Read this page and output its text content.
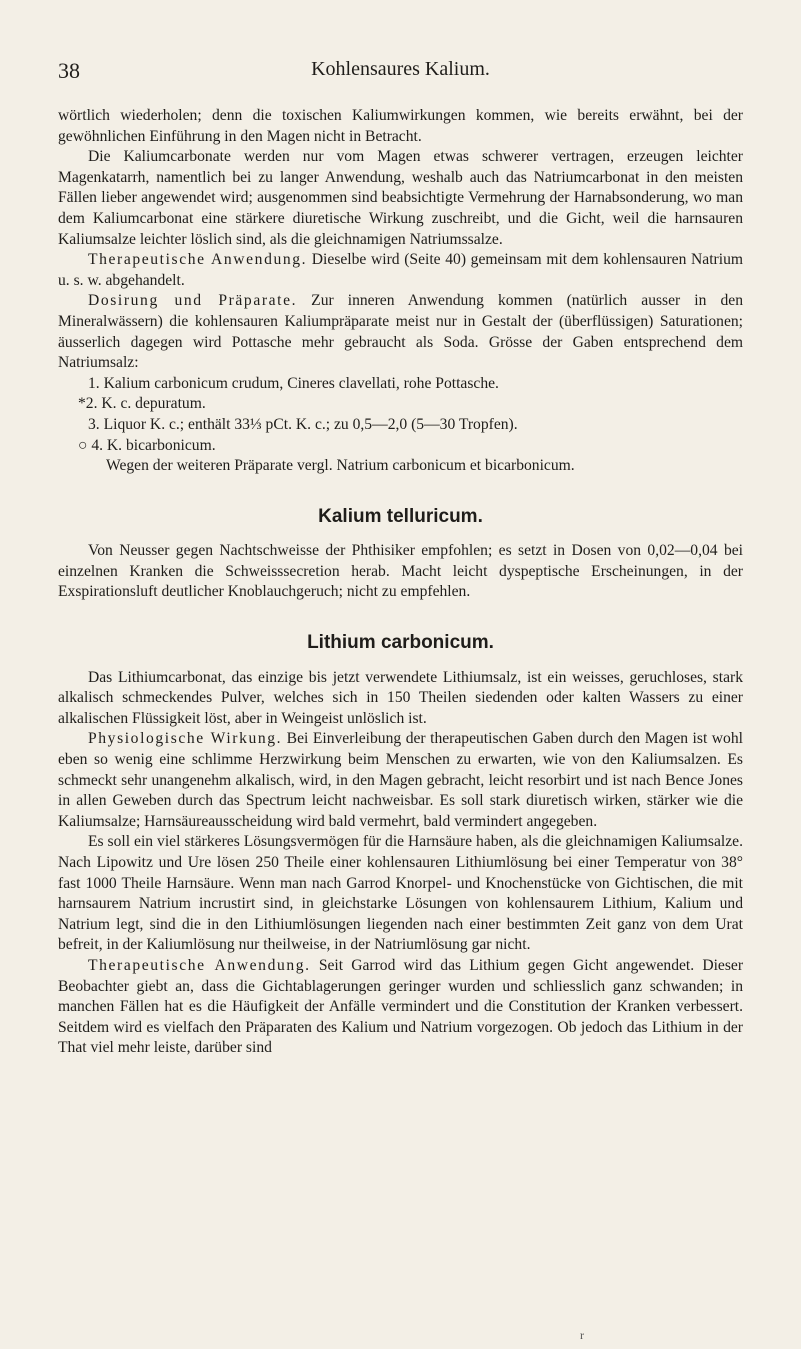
38	Kohlensaures Kalium.

wörtlich wiederholen; denn die toxischen Kaliumwirkungen kommen, wie bereits erwähnt, bei der gewöhnlichen Einführung in den Magen nicht in Betracht.

Die Kaliumcarbonate werden nur vom Magen etwas schwerer vertragen, erzeugen leichter Magenkatarrh, namentlich bei zu langer Anwendung, weshalb auch das Natriumcarbonat in den meisten Fällen lieber angewendet wird; ausgenommen sind beabsichtigte Vermehrung der Harnabsonderung, wo man dem Kaliumcarbonat eine stärkere diuretische Wirkung zuschreibt, und die Gicht, weil die harnsauren Kaliumsalze leichter löslich sind, als die gleichnamigen Natriumssalze.

Therapeutische Anwendung. Dieselbe wird (Seite 40) gemeinsam mit dem kohlensauren Natrium u. s. w. abgehandelt.

Dosirung und Präparate. Zur inneren Anwendung kommen (natürlich ausser in den Mineralwässern) die kohlensauren Kaliumpräparate meist nur in Gestalt der (überflüssigen) Saturationen; äusserlich dagegen wird Pottasche mehr gebraucht als Soda. Grösse der Gaben entsprechend dem Natriumsalz:

1. Kalium carbonicum crudum, Cineres clavellati, rohe Pottasche.

*2. K. c. depuratum.

3. Liquor K. c.; enthält 33⅓ pCt. K. c.; zu 0,5—2,0 (5—30 Tropfen).

○ 4. K. bicarbonicum.

Wegen der weiteren Präparate vergl. Natrium carbonicum et bicarbonicum.

Kalium telluricum.

Von Neusser gegen Nachtschweisse der Phthisiker empfohlen; es setzt in Dosen von 0,02—0,04 bei einzelnen Kranken die Schweisssecretion herab. Macht leicht dyspeptische Erscheinungen, in der Exspirationsluft deutlicher Knoblauchgeruch; nicht zu empfehlen.

Lithium carbonicum.

Das Lithiumcarbonat, das einzige bis jetzt verwendete Lithiumsalz, ist ein weisses, geruchloses, stark alkalisch schmeckendes Pulver, welches sich in 150 Theilen siedenden oder kalten Wassers zu einer alkalischen Flüssigkeit löst, aber in Weingeist unlöslich ist.

Physiologische Wirkung. Bei Einverleibung der therapeutischen Gaben durch den Magen ist wohl eben so wenig eine schlimme Herzwirkung beim Menschen zu erwarten, wie von den Kaliumsalzen. Es schmeckt sehr unangenehm alkalisch, wird, in den Magen gebracht, leicht resorbirt und ist nach Bence Jones in allen Geweben durch das Spectrum leicht nachweisbar. Es soll stark diuretisch wirken, stärker wie die Kaliumsalze; Harnsäureausscheidung wird bald vermehrt, bald vermindert angegeben.

Es soll ein viel stärkeres Lösungsvermögen für die Harnsäure haben, als die gleichnamigen Kaliumsalze. Nach Lipowitz und Ure lösen 250 Theile einer kohlensauren Lithiumlösung bei einer Temperatur von 38° fast 1000 Theile Harnsäure. Wenn man nach Garrod Knorpel- und Knochenstücke von Gichtischen, die mit harnsaurem Natrium incrustirt sind, in gleichstarke Lösungen von kohlensaurem Lithium, Kalium und Natrium legt, sind die in den Lithiumlösungen liegenden nach einer bestimmten Zeit ganz von dem Urat befreit, in der Kaliumlösung nur theilweise, in der Natriumlösung gar nicht.

Therapeutische Anwendung. Seit Garrod wird das Lithium gegen Gicht angewendet. Dieser Beobachter giebt an, dass die Gichtablagerungen geringer wurden und schliesslich ganz schwanden; in manchen Fällen hat es die Häufigkeit der Anfälle vermindert und die Constitution der Kranken verbessert. Seitdem wird es vielfach den Präparaten des Kalium und Natrium vorgezogen. Ob jedoch das Lithium in der That viel mehr leiste, darüber sind

r
